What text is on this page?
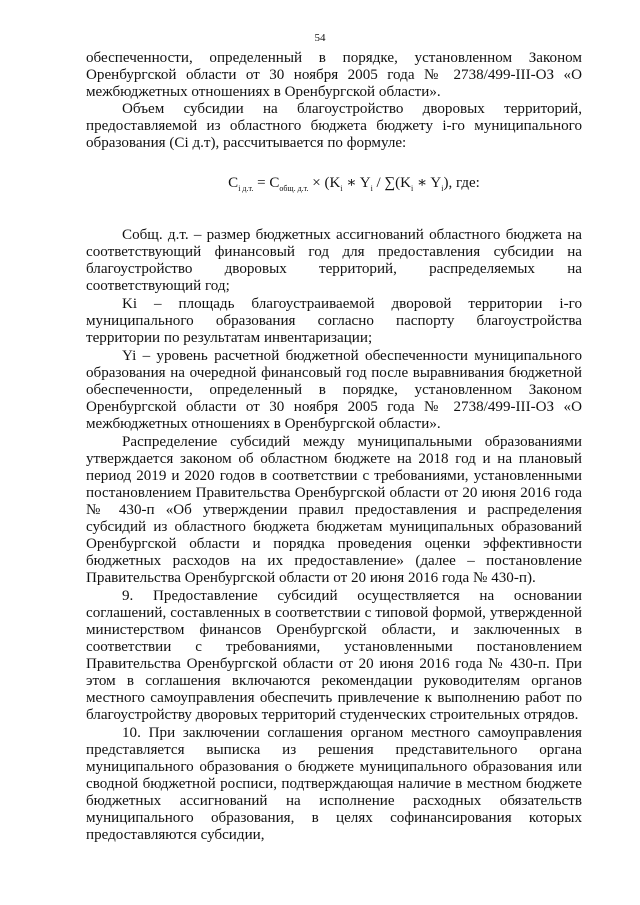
54

обеспеченности, определенный в порядке, установленном Законом Оренбургской области от 30 ноября 2005 года № 2738/499-III-ОЗ «О межбюджетных отношениях в Оренбургской области».

Объем субсидии на благоустройство дворовых территорий, предоставляемой из областного бюджета бюджету i-го муниципального образования (Ci д.т), рассчитывается по формуле:

$C_{i д.т.} = C_{общ. д.т.} \times (K_i$ ∗ $Y_i / \sum(K_i$ ∗ $Y_i$), где:

Cобщ. д.т. – размер бюджетных ассигнований областного бюджета на соответствующий финансовый год для предоставления субсидии на благоустройство дворовых территорий, распределяемых на соответствующий год;

Ki – площадь благоустраиваемой дворовой территории i-го муниципального образования согласно паспорту благоустройства территории по результатам инвентаризации;

Yi – уровень расчетной бюджетной обеспеченности муниципального образования на очередной финансовый год после выравнивания бюджетной обеспеченности, определенный в порядке, установленном Законом Оренбургской области от 30 ноября 2005 года № 2738/499-III-ОЗ «О межбюджетных отношениях в Оренбургской области».

Распределение субсидий между муниципальными образованиями утверждается законом об областном бюджете на 2018 год и на плановый период 2019 и 2020 годов в соответствии с требованиями, установленными постановлением Правительства Оренбургской области от 20 июня 2016 года № 430-п «Об утверждении правил предоставления и распределения субсидий из областного бюджета бюджетам муниципальных образований Оренбургской области и порядка проведения оценки эффективности бюджетных расходов на их предоставление» (далее – постановление Правительства Оренбургской области от 20 июня 2016 года № 430-п).

9. Предоставление субсидий осуществляется на основании соглашений, составленных в соответствии с типовой формой, утвержденной министерством финансов Оренбургской области, и заключенных в соответствии с требованиями, установленными постановлением Правительства Оренбургской области от 20 июня 2016 года № 430-п. При этом в соглашения включаются рекомендации руководителям органов местного самоуправления обеспечить привлечение к выполнению работ по благоустройству дворовых территорий студенческих строительных отрядов.

10. При заключении соглашения органом местного самоуправления представляется выписка из решения представительного органа муниципального образования о бюджете муниципального образования или сводной бюджетной росписи, подтверждающая наличие в местном бюджете бюджетных ассигнований на исполнение расходных обязательств муниципального образования, в целях софинансирования которых предоставляются субсидии,
